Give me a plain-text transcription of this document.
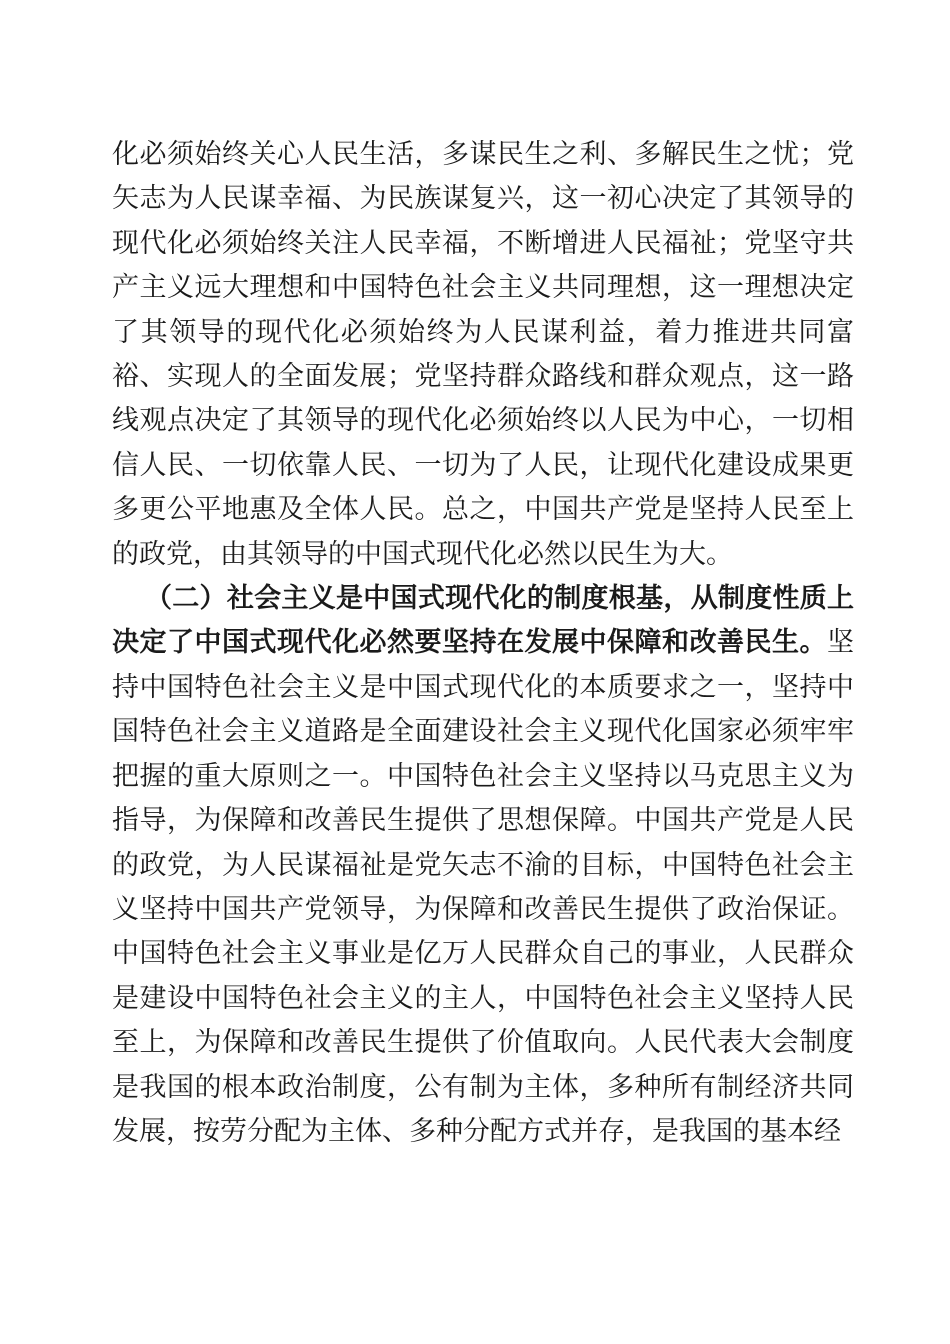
化必须始终关心人民生活，多谋民生之利、多解民生之忧；党矢志为人民谋幸福、为民族谋复兴，这一初心决定了其领导的现代化必须始终关注人民幸福，不断增进人民福祉；党坚守共产主义远大理想和中国特色社会主义共同理想，这一理想决定了其领导的现代化必须始终为人民谋利益，着力推进共同富裕、实现人的全面发展；党坚持群众路线和群众观点，这一路线观点决定了其领导的现代化必须始终以人民为中心，一切相信人民、一切依靠人民、一切为了人民，让现代化建设成果更多更公平地惠及全体人民。总之，中国共产党是坚持人民至上的政党，由其领导的中国式现代化必然以民生为大。

（二）社会主义是中国式现代化的制度根基，从制度性质上决定了中国式现代化必然要坚持在发展中保障和改善民生。坚持中国特色社会主义是中国式现代化的本质要求之一，坚持中国特色社会主义道路是全面建设社会主义现代化国家必须牢牢把握的重大原则之一。中国特色社会主义坚持以马克思主义为指导，为保障和改善民生提供了思想保障。中国共产党是人民的政党，为人民谋福祉是党矢志不渝的目标，中国特色社会主义坚持中国共产党领导，为保障和改善民生提供了政治保证。中国特色社会主义事业是亿万人民群众自己的事业，人民群众是建设中国特色社会主义的主人，中国特色社会主义坚持人民至上，为保障和改善民生提供了价值取向。人民代表大会制度是我国的根本政治制度，公有制为主体，多种所有制经济共同发展，按劳分配为主体、多种分配方式并存，是我国的基本经
